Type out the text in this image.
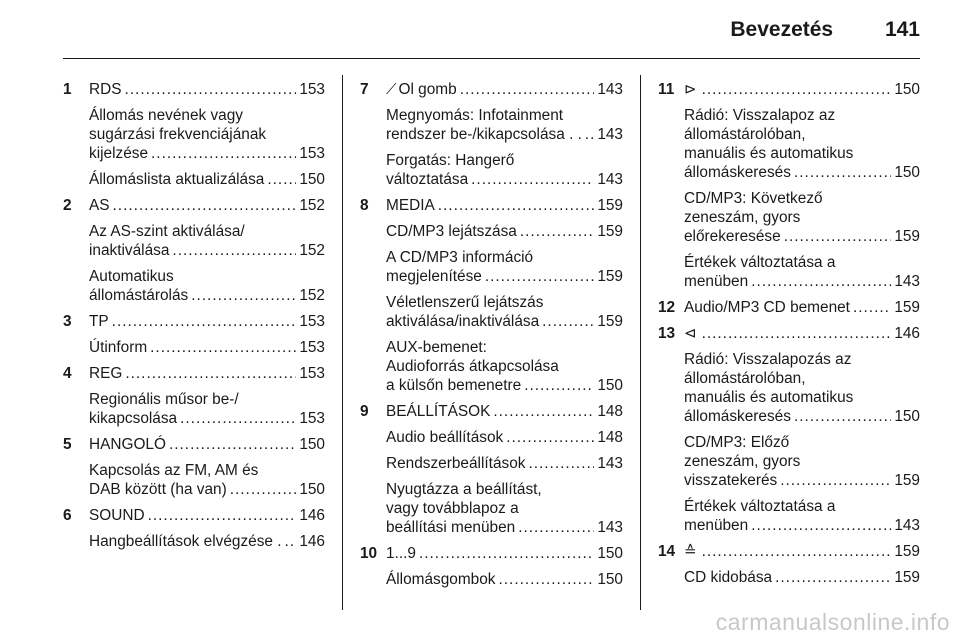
Bevezetés 141
1 RDS .....	153
Állomás nevének vagy
sugárzási frekvenciájának
kijelzése .....	153
Állomáslista aktualizálása ..... 150
2 AS .....	152
Az AS-szint aktiválása/
inaktiválása .....	152
Automatikus
állomástárolás .....	152
3 TP .....	153
Útinform .....	153
4 REG .....	153
Regionális műsor be-/
kikapcsolása .....	153
5 HANGOLÓ .....	150
Kapcsolás az FM, AM és
DAB között (ha van) .....	150
6 SOUND .....	146
Hangbeállítások elvégzése . ..... 146
7 ⟋ Ol gomb .....	143
Megnyomás: Infotainment
rendszer be-/kikapcsolása . . ..... 143
Forgatás: Hangerő
változtatása .....	143
8 MEDIA .....	159
CD/MP3 lejátszása .....	159
A CD/MP3 információ
megjelenítése .....	159
Véletlenszerű lejátszás
aktiválása/inaktiválása .....	159
AUX-bemenet:
Audioforrás átkapcsolása
a külsőn bemenetre .....	150
9 BEÁLLÍTÁSOK .....	148
Audio beállítások .....	148
Rendszerbeállítások .....	143
Nyugtázza a beállítást,
vagy továbblapoz a
beállítási menüben .....	143
10 1...9 .....	150
Állomásgombok .....	150
11 ⊳ .....	150
Rádió: Visszalapoz az
állomástárolóban,
manuális és automatikus
állomáskeresés .....	150
CD/MP3: Következő
zeneszám, gyors
előrekeresése .....	159
Értékek változtatása a
menüben .....	143
12 Audio/MP3 CD bemenet .....	159
13 ⊲ .....	146
Rádió: Visszalapozás az
állomástárolóban,
manuális és automatikus
állomáskeresés .....	150
CD/MP3: Előző
zeneszám, gyors
visszatekerés .....	159
Értékek változtatása a
menüben .....	143
14 ≙ .....	159
CD kidobása .....	159
carmanualsonline.info
